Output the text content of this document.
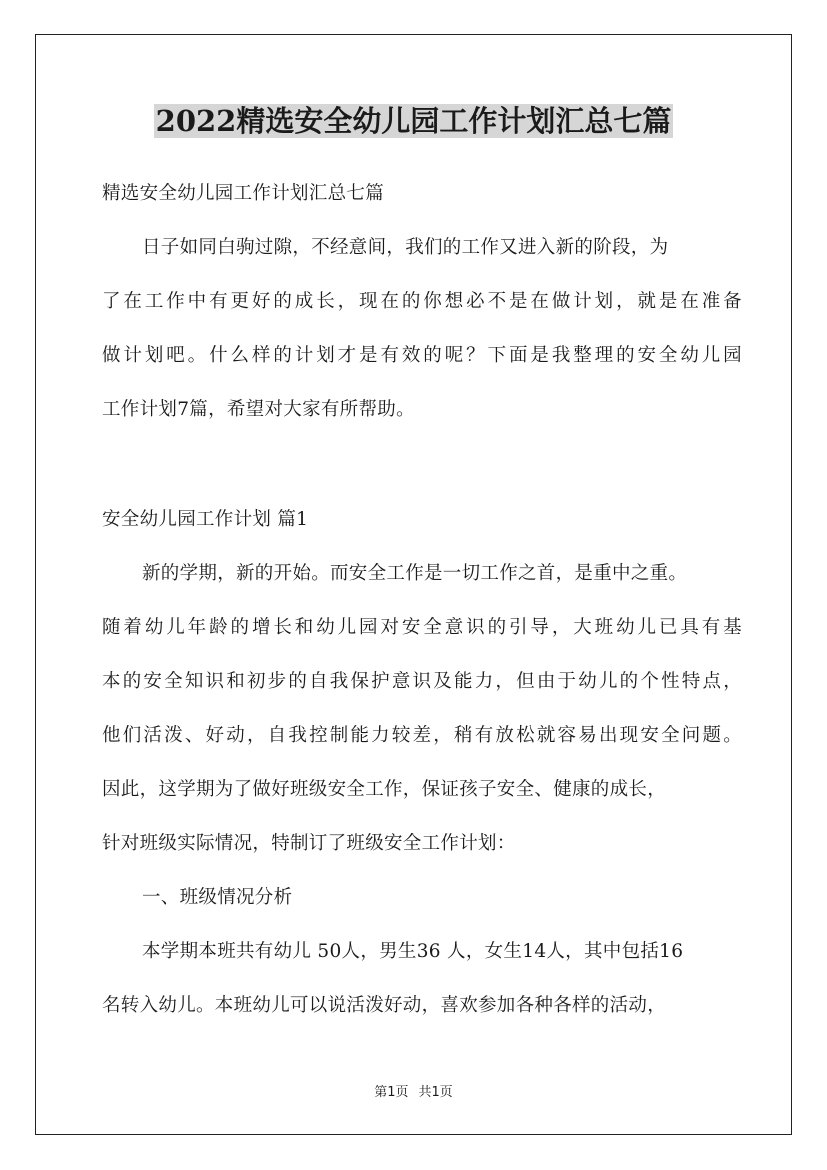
2022精选安全幼儿园工作计划汇总七篇
精选安全幼儿园工作计划汇总七篇
日子如同白驹过隙，不经意间，我们的工作又进入新的阶段，为
了在工作中有更好的成长，现在的你想必不是在做计划，就是在准备
做计划吧。什么样的计划才是有效的呢？下面是我整理的安全幼儿园
工作计划7篇，希望对大家有所帮助。
安全幼儿园工作计划 篇1
新的学期，新的开始。而安全工作是一切工作之首，是重中之重。
随着幼儿年龄的增长和幼儿园对安全意识的引导，大班幼儿已具有基
本的安全知识和初步的自我保护意识及能力，但由于幼儿的个性特点，
他们活泼、好动，自我控制能力较差，稍有放松就容易出现安全问题。
因此，这学期为了做好班级安全工作，保证孩子安全、健康的成长，
针对班级实际情况，特制订了班级安全工作计划：
一、班级情况分析
本学期本班共有幼儿 50人，男生36 人，女生14人，其中包括16
名转入幼儿。本班幼儿可以说活泼好动，喜欢参加各种各样的活动，
第1页 共1页
